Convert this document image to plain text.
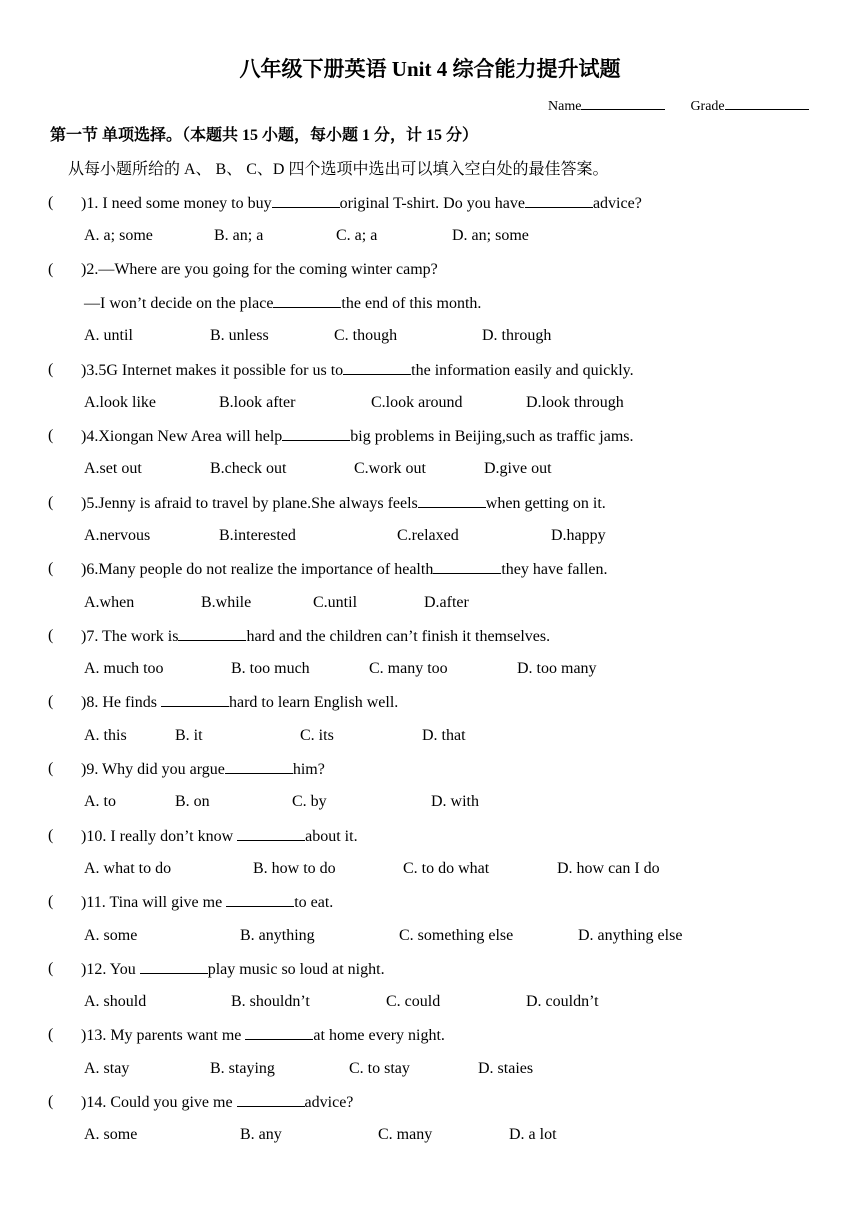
八年级下册英语 Unit 4 综合能力提升试题
Name	Grade
第一节 单项选择。（本题共 15 小题，每小题 1 分，计 15 分）
从每小题所给的 A、 B、 C、D 四个选项中选出可以填入空白处的最佳答案。
( )1. I need some money to buy	original T-shirt. Do you have	advice?
A. a; some	B. an; a	C. a; a	D. an; some
( )2.—Where are you going for the coming winter camp?
—I won’t decide on the place	the end of this month.
A. until	B. unless	C. though	D. through
( )3.5G Internet makes it possible for us to	the information easily and quickly.
A.look like	B.look after	C.look around	D.look through
( )4.Xiongan New Area will help	big problems in Beijing,such as traffic jams.
A.set out	B.check out	C.work out	D.give out
( )5.Jenny is afraid to travel by plane.She always feels	when getting on it.
A.nervous	B.interested	C.relaxed	D.happy
( )6.Many people do not realize the importance of health	they have fallen.
A.when	B.while	C.until	D.after
( )7. The work is	hard and the children can’t finish it themselves.
A. much too	B. too much	C. many too	D. too many
( )8. He finds	hard to learn English well.
A. this	B. it	C. its	D. that
( )9. Why did you argue	him?
A. to	B. on	C. by	D. with
( )10. I really don’t know	about it.
A. what to do	B. how to do	C. to do what	D. how can I do
( )11. Tina will give me	to eat.
A. some	B. anything	C. something else	D. anything else
( )12. You	play music so loud at night.
A. should	B. shouldn’t	C. could	D. couldn’t
( )13. My parents want me	at home every night.
A. stay	B. staying	C. to stay	D. staies
( )14. Could you give me	advice?
A. some	B. any	C. many	D. a lot
